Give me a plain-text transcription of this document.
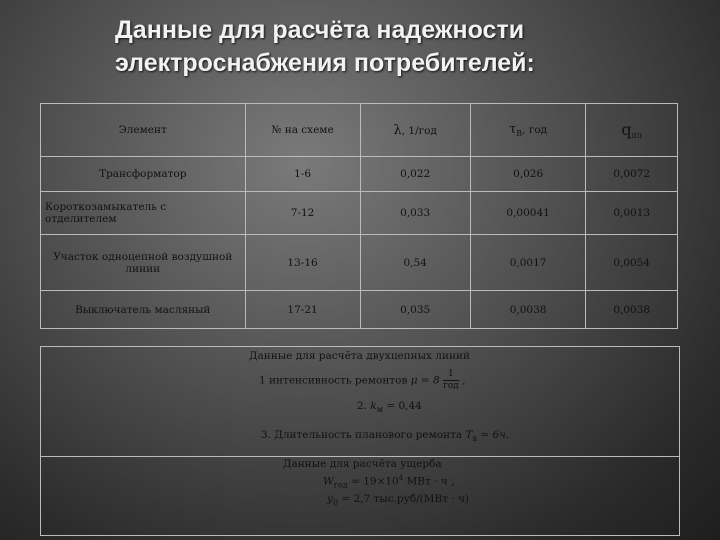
Данные для расчёта надежности
электроснабжения потребителей:
Элемент	№ на схеме	λ, 1/год	$\tau_В$, год	$q_{пл}$
Трансформатор	1-6	0,022	0,026	0,0072
Короткозамыкатель с отделителем	7-12	0,033	0,00041	0,0013
Участок одноцепной воздушной линии	13-16	0,54	0,0017	0,0054
Выключатель масляный	17-21	0,035	0,0038	0,0038
Данные для расчёта двухцепных линий
1 интенсивность ремонтов $\mu = 8 \frac{1}{\text{год}}$ ,
2. $k_м = 0,44$
3. Длительность планового ремонта $T_в = 6ч$.
Данные для расчёта ущерба
$W_{год} = 19\times 10^4$ МВт · ч ,
$y_0 = 2,7$ тыс.руб/(МВт · ч)
